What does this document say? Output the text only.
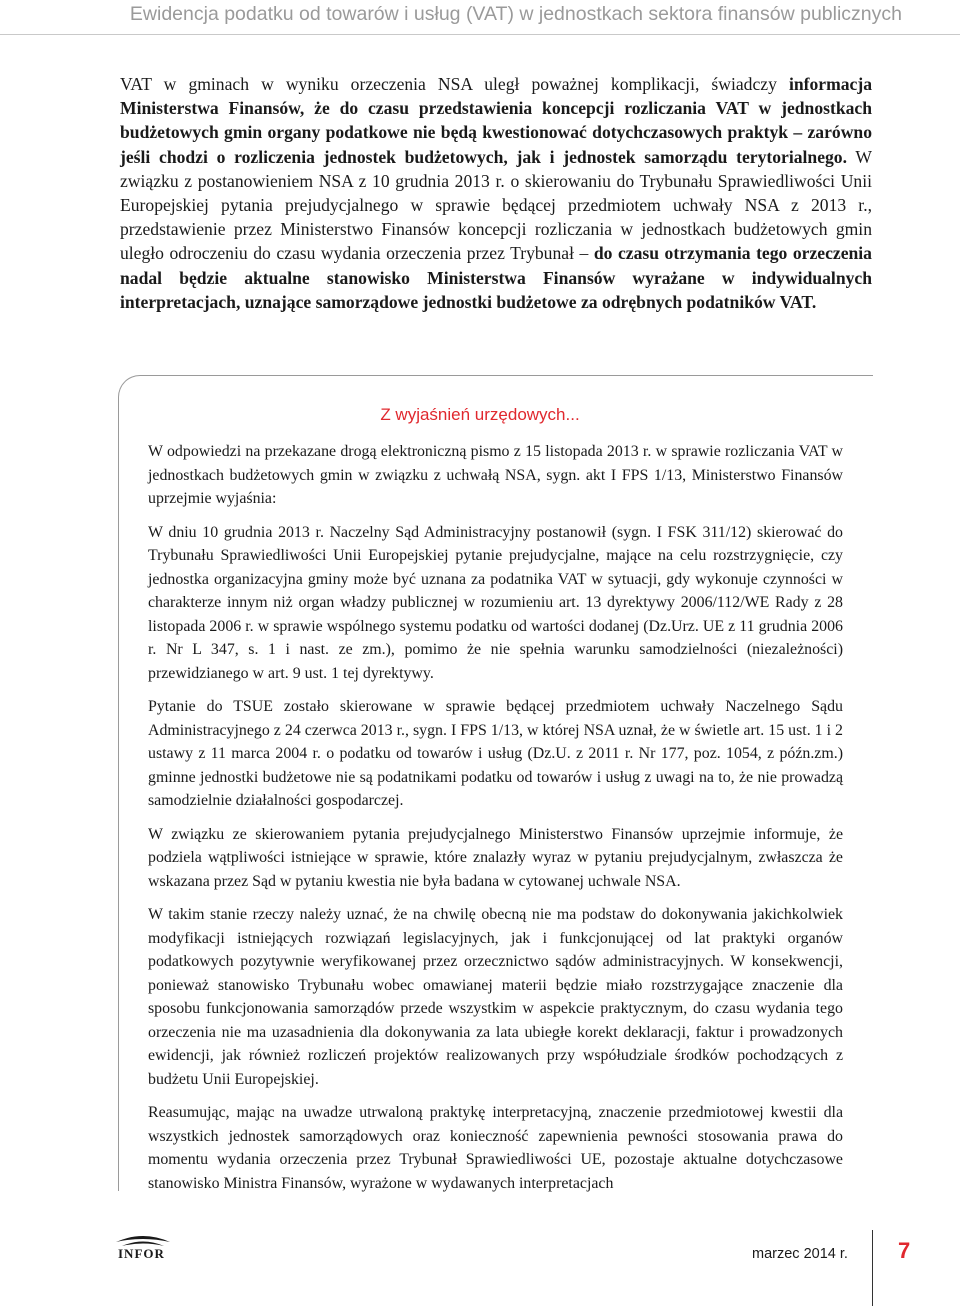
Ewidencja podatku od towarów i usług (VAT) w jednostkach sektora finansów publicznych

VAT w gminach w wyniku orzeczenia NSA uległ poważnej komplikacji, świadczy informacja Ministerstwa Finansów, że do czasu przedstawienia koncepcji rozliczania VAT w jednostkach budżetowych gmin organy podatkowe nie będą kwestionować dotychczasowych praktyk – zarówno jeśli chodzi o rozliczenia jednostek budżetowych, jak i jednostek samorządu terytorialnego. W związku z postanowieniem NSA z 10 grudnia 2013 r. o skierowaniu do Trybunału Sprawiedliwości Unii Europejskiej pytania prejudycjalnego w sprawie będącej przedmiotem uchwały NSA z 2013 r., przedstawienie przez Ministerstwo Finansów koncepcji rozliczania w jednostkach budżetowych gmin uległo odroczeniu do czasu wydania orzeczenia przez Trybunał – do czasu otrzymania tego orzeczenia nadal będzie aktualne stanowisko Ministerstwa Finansów wyrażane w indywidualnych interpretacjach, uznające samorządowe jednostki budżetowe za odrębnych podatników VAT.

Z wyjaśnień urzędowych...

W odpowiedzi na przekazane drogą elektroniczną pismo z 15 listopada 2013 r. w sprawie rozliczania VAT w jednostkach budżetowych gmin w związku z uchwałą NSA, sygn. akt I FPS 1/13, Ministerstwo Finansów uprzejmie wyjaśnia:

W dniu 10 grudnia 2013 r. Naczelny Sąd Administracyjny postanowił (sygn. I FSK 311/12) skierować do Trybunału Sprawiedliwości Unii Europejskiej pytanie prejudycjalne, mające na celu rozstrzygnięcie, czy jednostka organizacyjna gminy może być uznana za podatnika VAT w sytuacji, gdy wykonuje czynności w charakterze innym niż organ władzy publicznej w rozumieniu art. 13 dyrektywy 2006/112/WE Rady z 28 listopada 2006 r. w sprawie wspólnego systemu podatku od wartości dodanej (Dz.Urz. UE z 11 grudnia 2006 r. Nr L 347, s. 1 i nast. ze zm.), pomimo że nie spełnia warunku samodzielności (niezależności) przewidzianego w art. 9 ust. 1 tej dyrektywy.

Pytanie do TSUE zostało skierowane w sprawie będącej przedmiotem uchwały Naczelnego Sądu Administracyjnego z 24 czerwca 2013 r., sygn. I FPS 1/13, w której NSA uznał, że w świetle art. 15 ust. 1 i 2 ustawy z 11 marca 2004 r. o podatku od towarów i usług (Dz.U. z 2011 r. Nr 177, poz. 1054, z późn.zm.) gminne jednostki budżetowe nie są podatnikami podatku od towarów i usług z uwagi na to, że nie prowadzą samodzielnie działalności gospodarczej.

W związku ze skierowaniem pytania prejudycjalnego Ministerstwo Finansów uprzejmie informuje, że podziela wątpliwości istniejące w sprawie, które znalazły wyraz w pytaniu prejudycjalnym, zwłaszcza że wskazana przez Sąd w pytaniu kwestia nie była badana w cytowanej uchwale NSA.

W takim stanie rzeczy należy uznać, że na chwilę obecną nie ma podstaw do dokonywania jakichkolwiek modyfikacji istniejących rozwiązań legislacyjnych, jak i funkcjonującej od lat praktyki organów podatkowych pozytywnie weryfikowanej przez orzecznictwo sądów administracyjnych. W konsekwencji, ponieważ stanowisko Trybunału wobec omawianej materii będzie miało rozstrzygające znaczenie dla sposobu funkcjonowania samorządów przede wszystkim w aspekcie praktycznym, do czasu wydania tego orzeczenia nie ma uzasadnienia dla dokonywania za lata ubiegłe korekt deklaracji, faktur i prowadzonych ewidencji, jak również rozliczeń projektów realizowanych przy współudziale środków pochodzących z budżetu Unii Europejskiej.

Reasumując, mając na uwadze utrwaloną praktykę interpretacyjną, znaczenie przedmiotowej kwestii dla wszystkich jednostek samorządowych oraz konieczność zapewnienia pewności stosowania prawa do momentu wydania orzeczenia przez Trybunał Sprawiedliwości UE, pozostaje aktualne dotychczasowe stanowisko Ministra Finansów, wyrażone w wydawanych interpretacjach

INFOR	marzec 2014 r. 7
